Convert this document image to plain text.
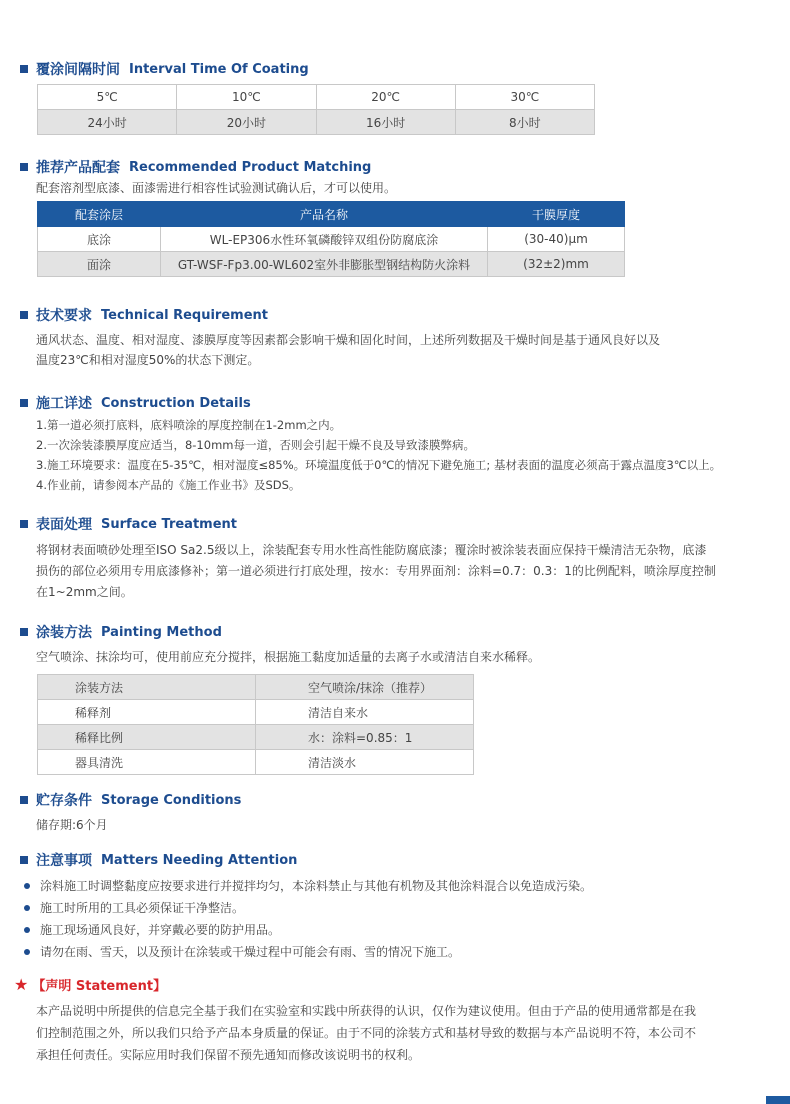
覆涂间隔时间 Interval Time Of Coating
5℃	10℃	20℃	30℃
24小时	20小时	16小时	8小时
推荐产品配套 Recommended Product Matching
配套溶剂型底漆、面漆需进行相容性试验测试确认后，才可以使用。
配套涂层	产品名称	干膜厚度
底涂	WL-EP306水性环氧磷酸锌双组份防腐底涂	(30-40)μm
面涂	GT-WSF-Fp3.00-WL602室外非膨胀型钢结构防火涂料	(32±2)mm
技术要求 Technical Requirement
通风状态、温度、相对湿度、漆膜厚度等因素都会影响干燥和固化时间，上述所列数据及干燥时间是基于通风良好以及
温度23℃和相对湿度50%的状态下测定。
施工详述 Construction Details
1.第一道必须打底料，底料喷涂的厚度控制在1-2mm之内。
2.一次涂装漆膜厚度应适当，8-10mm每一道，否则会引起干燥不良及导致漆膜弊病。
3.施工环境要求：温度在5-35℃，相对湿度≤85%。环境温度低于0℃的情况下避免施工; 基材表面的温度必须高于露点温度3℃以上。
4.作业前，请参阅本产品的《施工作业书》及SDS。
表面处理 Surface Treatment
将钢材表面喷砂处理至ISO Sa2.5级以上，涂装配套专用水性高性能防腐底漆；覆涂时被涂装表面应保持干燥清洁无杂物，底漆
损伤的部位必须用专用底漆修补；第一道必须进行打底处理，按水：专用界面剂：涂料=0.7：0.3：1的比例配料，喷涂厚度控制
在1~2mm之间。
涂装方法 Painting Method
空气喷涂、抹涂均可，使用前应充分搅拌，根据施工黏度加适量的去离子水或清洁自来水稀释。
涂装方法	空气喷涂/抹涂（推荐）
稀释剂	清洁自来水
稀释比例	水：涂料=0.85：1
器具清洗	清洁淡水
贮存条件 Storage Conditions
储存期:6个月
注意事项 Matters Needing Attention
涂料施工时调整黏度应按要求进行并搅拌均匀，本涂料禁止与其他有机物及其他涂料混合以免造成污染。
施工时所用的工具必须保证干净整洁。
施工现场通风良好，并穿戴必要的防护用品。
请勿在雨、雪天，以及预计在涂装或干燥过程中可能会有雨、雪的情况下施工。
★ 【声明 Statement】
本产品说明中所提供的信息完全基于我们在实验室和实践中所获得的认识，仅作为建议使用。但由于产品的使用通常都是在我
们控制范围之外，所以我们只给予产品本身质量的保证。由于不同的涂装方式和基材导致的数据与本产品说明不符，本公司不
承担任何责任。实际应用时我们保留不预先通知而修改该说明书的权利。
